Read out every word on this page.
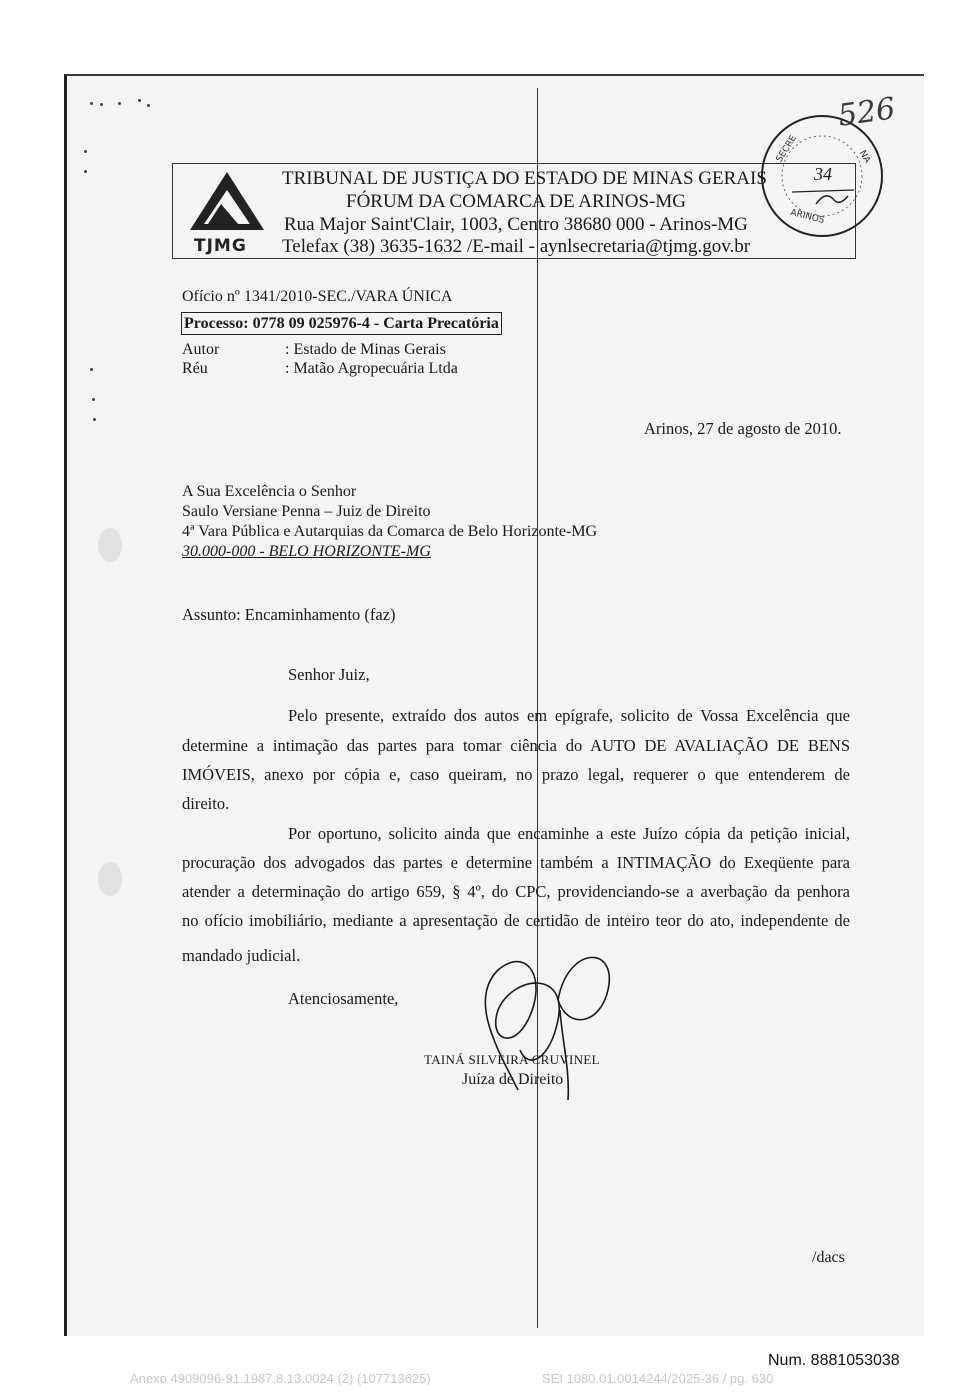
526
TJMG
TRIBUNAL DE JUSTIÇA DO ESTADO DE MINAS GERAIS
FÓRUM DA COMARCA DE ARINOS-MG
Rua Major Saint'Clair, 1003, Centro 38680 000 - Arinos-MG
Telefax (38) 3635-1632 /E-mail - aynlsecretaria@tjmg.gov.br
SECRE	NA
ARINOS
34
Ofício nº 1341/2010-SEC./VARA ÚNICA
Processo: 0778 09 025976-4 - Carta Precatória
Autor	: Estado de Minas Gerais
Réu	: Matão Agropecuária Ltda
Arinos, 27 de agosto de 2010.
A Sua Excelência o Senhor
Saulo Versiane Penna – Juiz de Direito
4ª Vara Pública e Autarquias da Comarca de Belo Horizonte-MG
30.000-000 - BELO HORIZONTE-MG
Assunto: Encaminhamento (faz)
Senhor Juiz,
Pelo presente, extraído dos autos em epígrafe, solicito de Vossa Excelência que
determine a intimação das partes para tomar ciência do AUTO DE AVALIAÇÃO DE BENS
IMÓVEIS, anexo por cópia e, caso queiram, no prazo legal, requerer o que entenderem de
direito.
Por oportuno, solicito ainda que encaminhe a este Juízo cópia da petição inicial,
procuração dos advogados das partes e determine também a INTIMAÇÃO do Exeqüente para
atender a determinação do artigo 659, § 4º, do CPC, providenciando-se a averbação da penhora
no ofício imobiliário, mediante a apresentação de certidão de inteiro teor do ato, independente de
mandado judicial.
Atenciosamente,
TAINÁ SILVEIRA CRUVINEL
Juíza de Direito
/dacs
Num. 8881053038
Anexo 4909096-91.1987.8.13.0024 (2) (107713625)	SEI 1080.01.0014244/2025-36 / pg. 630
